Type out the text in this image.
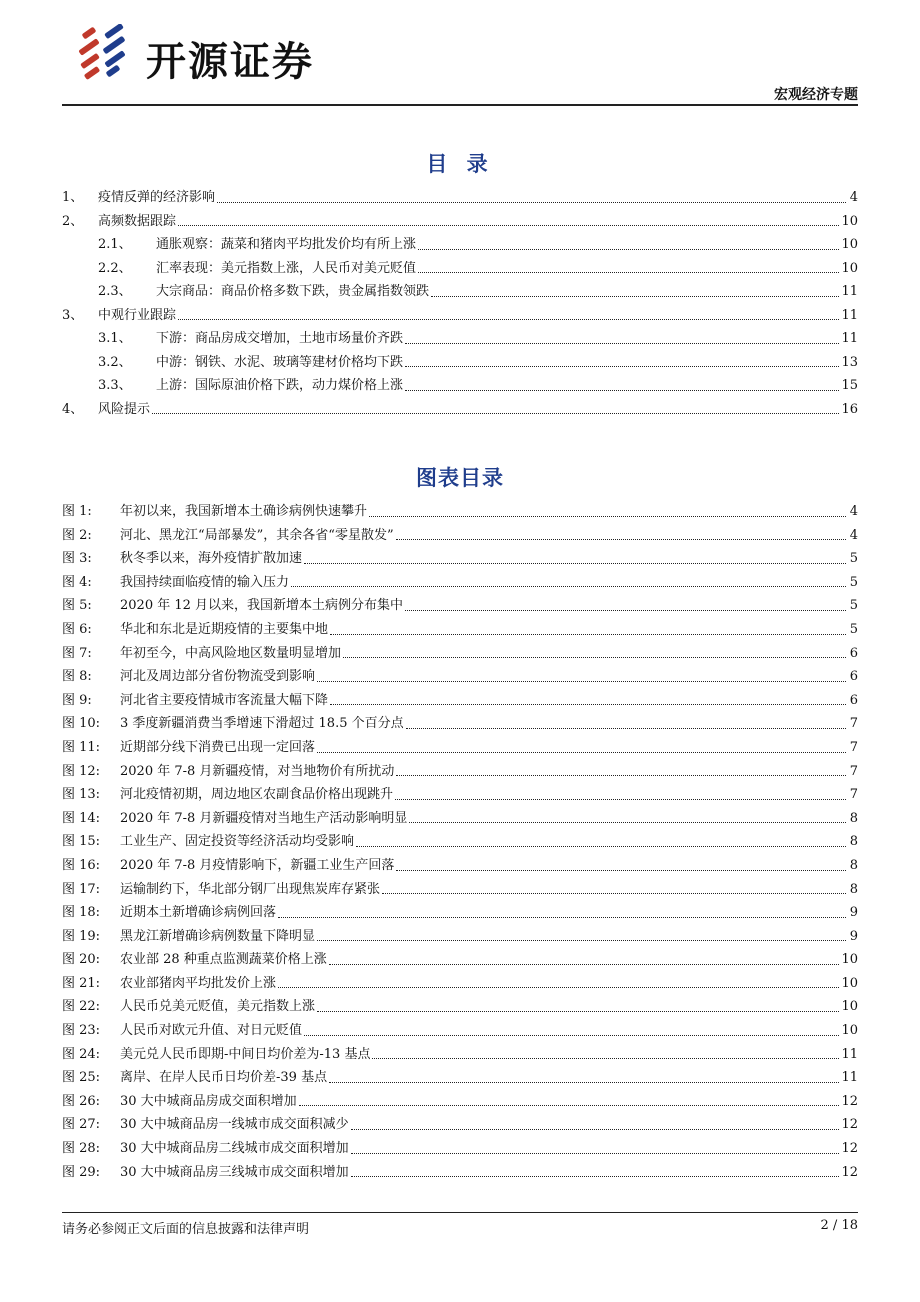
开源证券
宏观经济专题
目 录
1、	疫情反弹的经济影响	4
2、	高频数据跟踪	10
2.1、	通胀观察：蔬菜和猪肉平均批发价均有所上涨	10
2.2、	汇率表现：美元指数上涨，人民币对美元贬值	10
2.3、	大宗商品：商品价格多数下跌，贵金属指数领跌	11
3、	中观行业跟踪	11
3.1、	下游：商品房成交增加，土地市场量价齐跌	11
3.2、	中游：钢铁、水泥、玻璃等建材价格均下跌	13
3.3、	上游：国际原油价格下跌，动力煤价格上涨	15
4、	风险提示	16
图表目录
图 1:	年初以来，我国新增本土确诊病例快速攀升	4
图 2:	河北、黑龙江“局部暴发”，其余各省“零星散发”	4
图 3:	秋冬季以来，海外疫情扩散加速	5
图 4:	我国持续面临疫情的输入压力	5
图 5:	2020 年 12 月以来，我国新增本土病例分布集中	5
图 6:	华北和东北是近期疫情的主要集中地	5
图 7:	年初至今，中高风险地区数量明显增加	6
图 8:	河北及周边部分省份物流受到影响	6
图 9:	河北省主要疫情城市客流量大幅下降	6
图 10:	3 季度新疆消费当季增速下滑超过 18.5 个百分点	7
图 11:	近期部分线下消费已出现一定回落	7
图 12:	2020 年 7-8 月新疆疫情，对当地物价有所扰动	7
图 13:	河北疫情初期，周边地区农副食品价格出现跳升	7
图 14:	2020 年 7-8 月新疆疫情对当地生产活动影响明显	8
图 15:	工业生产、固定投资等经济活动均受影响	8
图 16:	2020 年 7-8 月疫情影响下，新疆工业生产回落	8
图 17:	运输制约下，华北部分钢厂出现焦炭库存紧张	8
图 18:	近期本土新增确诊病例回落	9
图 19:	黑龙江新增确诊病例数量下降明显	9
图 20:	农业部 28 种重点监测蔬菜价格上涨	10
图 21:	农业部猪肉平均批发价上涨	10
图 22:	人民币兑美元贬值，美元指数上涨	10
图 23:	人民币对欧元升值、对日元贬值	10
图 24:	美元兑人民币即期-中间日均价差为-13 基点	11
图 25:	离岸、在岸人民币日均价差-39 基点	11
图 26:	30 大中城商品房成交面积增加	12
图 27:	30 大中城商品房一线城市成交面积减少	12
图 28:	30 大中城商品房二线城市成交面积增加	12
图 29:	30 大中城商品房三线城市成交面积增加	12
请务必参阅正文后面的信息披露和法律声明	2 / 18
